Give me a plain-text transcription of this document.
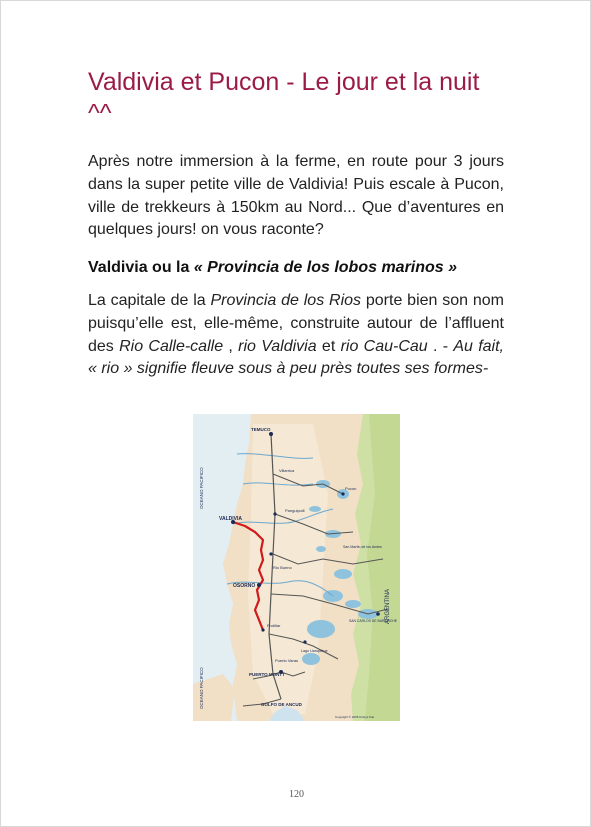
Valdivia et Pucon - Le jour et la nuit ^^

Après notre immersion à la ferme, en route pour 3 jours dans la super petite ville de Valdivia! Puis escale à Pucon, ville de trekkeurs à 150km au Nord... Que d’aventures en quelques jours! on vous raconte?

Valdivia ou la « Provincia de los lobos marinos »

La capitale de la Provincia de los Rios porte bien son nom puisqu’elle est, elle-même, construite autour de l’affluent des Rio Calle-calle , rio Valdivia et rio Cau-Cau . - Au fait, « rio » signifie fleuve sous à peu près toutes ses formes-

OCEANO PACIFICO
OCEANO PACIFICO
ARGENTINA
TEMUCO
Villarrica
Pucon
Panguipulli
VALDIVIA
San Martin de los Andes
Rio Bueno
OSORNO
SAN CARLOS DE BARILOCHE
Frutillar
Lago Llanquihue
Puerto Varas
PUERTO MONTT
GOLFO DE ANCUD
Copyright © 2005 Kirstys Kite
120
